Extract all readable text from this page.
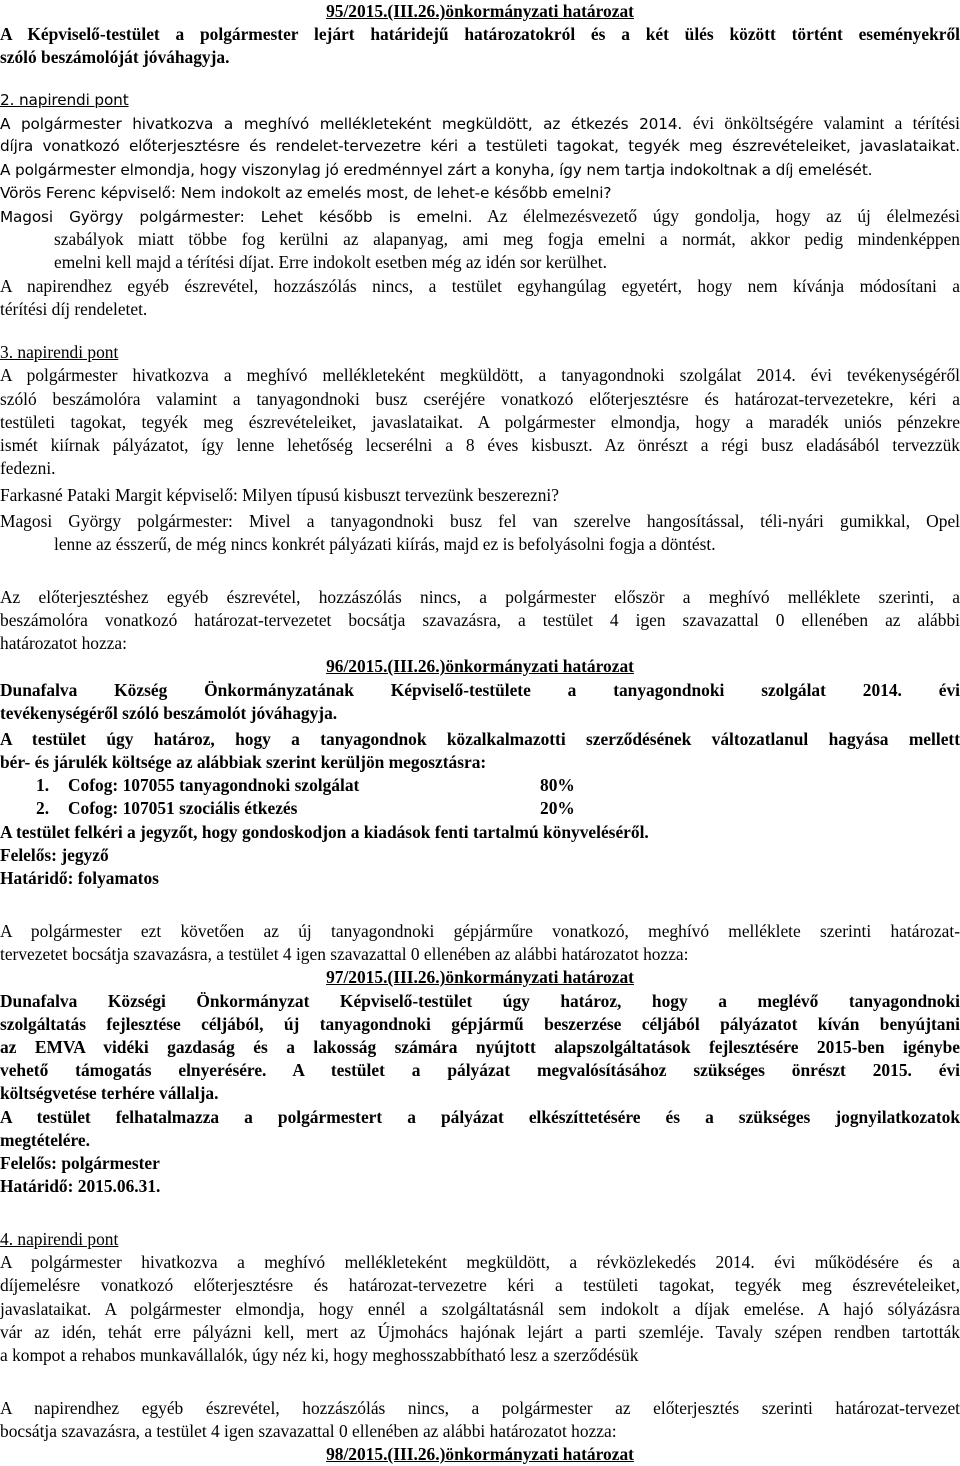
95/2015.(III.26.)önkormányzati határozat
A Képviselő-testület a polgármester lejárt határidejű határozatokról és a két ülés között történt eseményekről
szóló beszámolóját jóváhagyja.
2. napirendi pont
A polgármester hivatkozva a meghívó mellékleteként megküldött, az étkezés 2014. évi önköltségére valamint a térítési
díjra vonatkozó előterjesztésre és rendelet-tervezetre kéri a testületi tagokat, tegyék meg észrevételeiket, javaslataikat.
A polgármester elmondja, hogy viszonylag jó eredménnyel zárt a konyha, így nem tartja indokoltnak a díj emelését.
Vörös Ferenc képviselő: Nem indokolt az emelés most, de lehet-e később emelni?
Magosi György polgármester: Lehet később is emelni. Az élelmezésvezető úgy gondolja, hogy az új élelmezési
szabályok miatt többe fog kerülni az alapanyag, ami meg fogja emelni a normát, akkor pedig mindenképpen
emelni kell majd a térítési díjat. Erre indokolt esetben még az idén sor kerülhet.
A napirendhez egyéb észrevétel, hozzászólás nincs, a testület egyhangúlag egyetért, hogy nem kívánja módosítani a
térítési díj rendeletet.
3. napirendi pont
A polgármester hivatkozva a meghívó mellékleteként megküldött, a tanyagondnoki szolgálat 2014. évi tevékenységéről
szóló beszámolóra valamint a tanyagondnoki busz cseréjére vonatkozó előterjesztésre és határozat-tervezetekre, kéri a
testületi tagokat, tegyék meg észrevételeiket, javaslataikat. A polgármester elmondja, hogy a maradék uniós pénzekre
ismét kiírnak pályázatot, így lenne lehetőség lecserélni a 8 éves kisbuszt. Az önrészt a régi busz eladásából tervezzük
fedezni.
Farkasné Pataki Margit képviselő: Milyen típusú kisbuszt tervezünk beszerezni?
Magosi György polgármester: Mivel a tanyagondnoki busz fel van szerelve hangosítással, téli-nyári gumikkal, Opel
lenne az ésszerű, de még nincs konkrét pályázati kiírás, majd ez is befolyásolni fogja a döntést.
Az előterjesztéshez egyéb észrevétel, hozzászólás nincs, a polgármester először a meghívó melléklete szerinti, a
beszámolóra vonatkozó határozat-tervezetet bocsátja szavazásra, a testület 4 igen szavazattal 0 ellenében az alábbi
határozatot hozza:
96/2015.(III.26.)önkormányzati határozat
Dunafalva Község Önkormányzatának Képviselő-testülete a tanyagondnoki szolgálat 2014. évi
tevékenységéről szóló beszámolót jóváhagyja.
A testület úgy határoz, hogy a tanyagondnok közalkalmazotti szerződésének változatlanul hagyása mellett
bér- és járulék költsége az alábbiak szerint kerüljön megosztásra:
1. Cofog: 107055 tanyagondnoki szolgálat	80%
2. Cofog: 107051 szociális étkezés	20%
A testület felkéri a jegyzőt, hogy gondoskodjon a kiadások fenti tartalmú könyveléséről.
Felelős: jegyző
Határidő: folyamatos
A polgármester ezt követően az új tanyagondnoki gépjárműre vonatkozó, meghívó melléklete szerinti határozat-
tervezetet bocsátja szavazásra, a testület 4 igen szavazattal 0 ellenében az alábbi határozatot hozza:
97/2015.(III.26.)önkormányzati határozat
Dunafalva Községi Önkormányzat Képviselő-testület úgy határoz, hogy a meglévő tanyagondnoki
szolgáltatás fejlesztése céljából, új tanyagondnoki gépjármű beszerzése céljából pályázatot kíván benyújtani
az EMVA vidéki gazdaság és a lakosság számára nyújtott alapszolgáltatások fejlesztésére 2015-ben igénybe
vehető támogatás elnyerésére. A testület a pályázat megvalósításához szükséges önrészt 2015. évi
költségvetése terhére vállalja.
A testület felhatalmazza a polgármestert a pályázat elkészíttetésére és a szükséges jognyilatkozatok
megtételére.
Felelős: polgármester
Határidő: 2015.06.31.
4. napirendi pont
A polgármester hivatkozva a meghívó mellékleteként megküldött, a révközlekedés 2014. évi működésére és a
díjemelésre vonatkozó előterjesztésre és határozat-tervezetre kéri a testületi tagokat, tegyék meg észrevételeiket,
javaslataikat. A polgármester elmondja, hogy ennél a szolgáltatásnál sem indokolt a díjak emelése. A hajó sólyázásra
vár az idén, tehát erre pályázni kell, mert az Újmohács hajónak lejárt a parti szemléje. Tavaly szépen rendben tartották
a kompot a rehabos munkavállalók, úgy néz ki, hogy meghosszabbítható lesz a szerződésük
A napirendhez egyéb észrevétel, hozzászólás nincs, a polgármester az előterjesztés szerinti határozat-tervezet
bocsátja szavazásra, a testület 4 igen szavazattal 0 ellenében az alábbi határozatot hozza:
98/2015.(III.26.)önkormányzati határozat
